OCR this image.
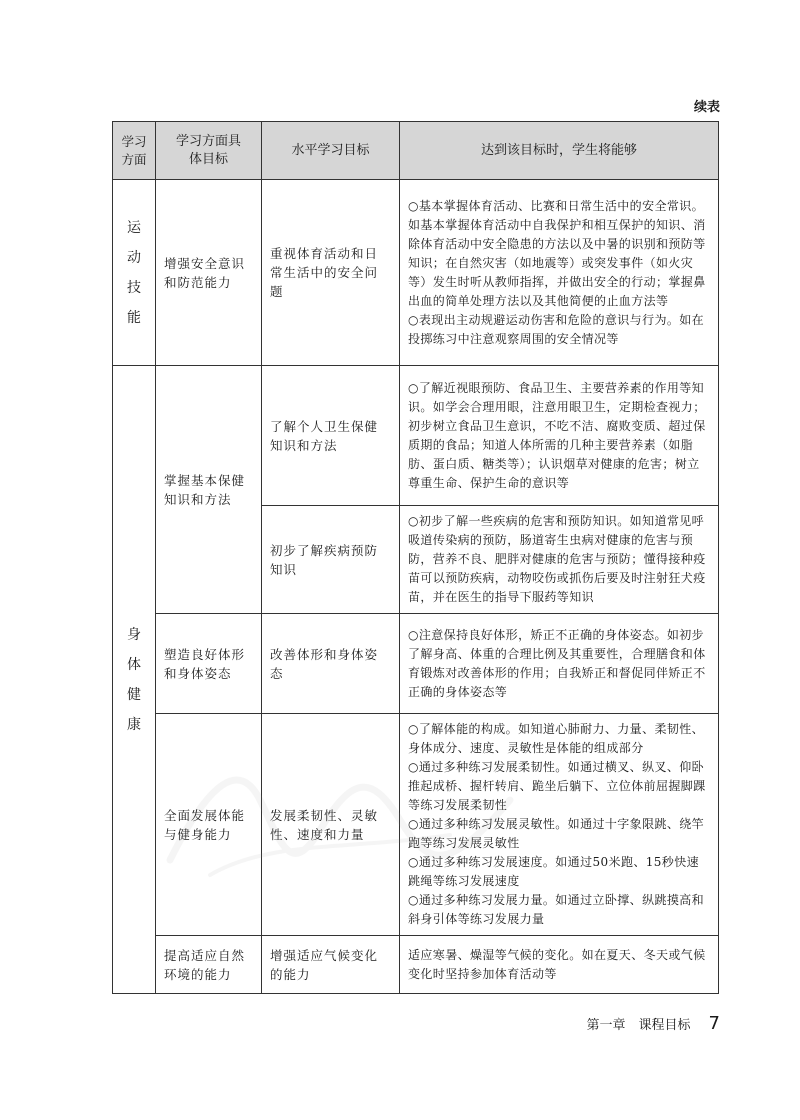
续表
学习方面	学习方面具体目标	水平学习目标	达到该目标时，学生将能够
运动技能	增强安全意识和防范能力	重视体育活动和日常生活中的安全问题	○基本掌握体育活动、比赛和日常生活中的安全常识。如基本掌握体育活动中自我保护和相互保护的知识、消除体育活动中安全隐患的方法以及中暑的识别和预防等知识；在自然灾害（如地震等）或突发事件（如火灾等）发生时听从教师指挥，并做出安全的行动；掌握鼻出血的简单处理方法以及其他简便的止血方法等
○表现出主动规避运动伤害和危险的意识与行为。如在投掷练习中注意观察周围的安全情况等

身体健康	掌握基本保健知识和方法	了解个人卫生保健知识和方法	○了解近视眼预防、食品卫生、主要营养素的作用等知识。如学会合理用眼，注意用眼卫生，定期检查视力；初步树立食品卫生意识，不吃不洁、腐败变质、超过保质期的食品；知道人体所需的几种主要营养素（如脂肪、蛋白质、糖类等）；认识烟草对健康的危害；树立尊重生命、保护生命的意识等

		初步了解疾病预防知识	○初步了解一些疾病的危害和预防知识。如知道常见呼吸道传染病的预防，肠道寄生虫病对健康的危害与预防，营养不良、肥胖对健康的危害与预防；懂得接种疫苗可以预防疾病，动物咬伤或抓伤后要及时注射狂犬疫苗，并在医生的指导下服药等知识

	塑造良好体形和身体姿态	改善体形和身体姿态	○注意保持良好体形，矫正不正确的身体姿态。如初步了解身高、体重的合理比例及其重要性，合理膳食和体育锻炼对改善体形的作用；自我矫正和督促同伴矫正不正确的身体姿态等

	全面发展体能与健身能力	发展柔韧性、灵敏性、速度和力量	○了解体能的构成。如知道心肺耐力、力量、柔韧性、身体成分、速度、灵敏性是体能的组成部分
○通过多种练习发展柔韧性。如通过横叉、纵叉、仰卧推起成桥、握杆转肩、跪坐后躺下、立位体前屈握脚踝等练习发展柔韧性
○通过多种练习发展灵敏性。如通过十字象限跳、绕竿跑等练习发展灵敏性
○通过多种练习发展速度。如通过50米跑、15秒快速跳绳等练习发展速度
○通过多种练习发展力量。如通过立卧撑、纵跳摸高和斜身引体等练习发展力量

	提高适应自然环境的能力	增强适应气候变化的能力	适应寒暑、燥湿等气候的变化。如在夏天、冬天或气候变化时坚持参加体育活动等
第一章　课程目标 7
